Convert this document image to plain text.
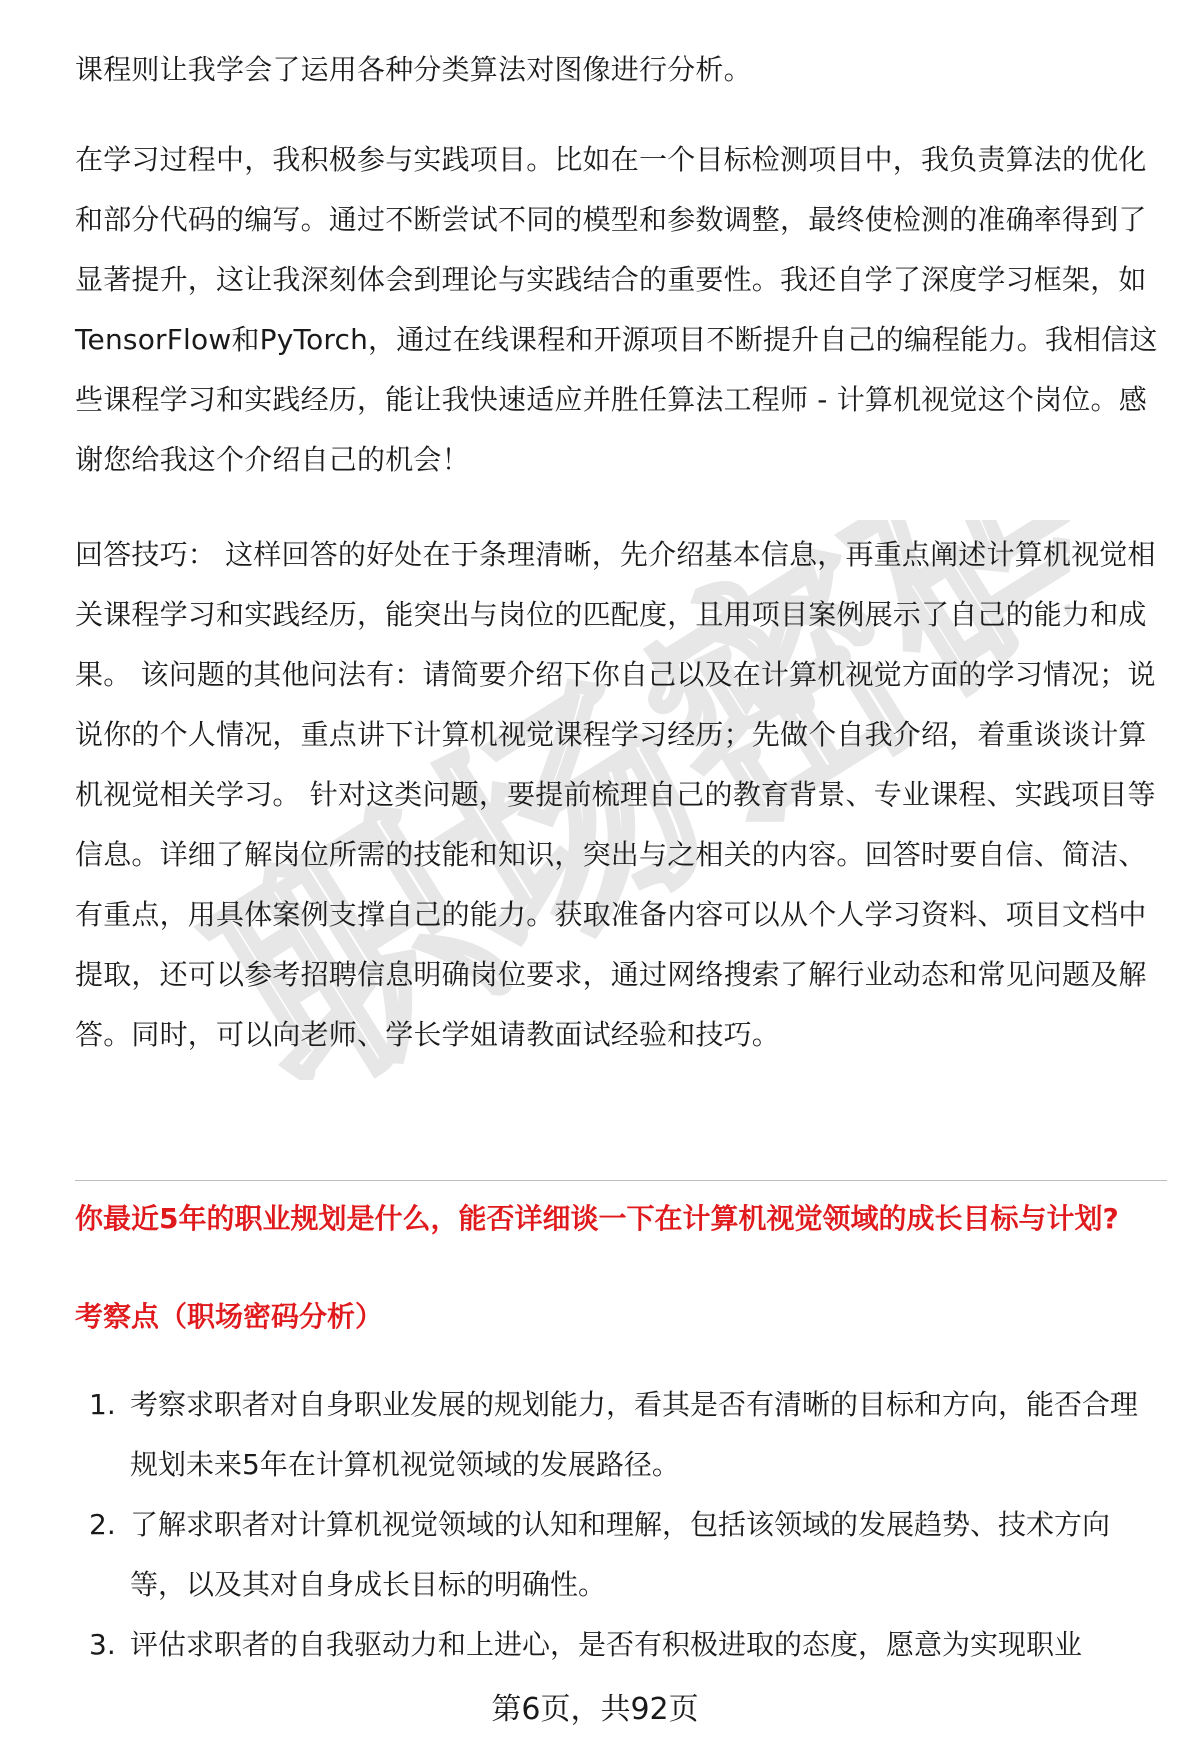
职场密码

课程则让我学会了运用各种分类算法对图像进行分析。

在学习过程中，我积极参与实践项目。比如在一个目标检测项目中，我负责算法的优化和部分代码的编写。通过不断尝试不同的模型和参数调整，最终使检测的准确率得到了显著提升，这让我深刻体会到理论与实践结合的重要性。我还自学了深度学习框架，如TensorFlow和PyTorch，通过在线课程和开源项目不断提升自己的编程能力。我相信这些课程学习和实践经历，能让我快速适应并胜任算法工程师 - 计算机视觉这个岗位。感谢您给我这个介绍自己的机会！

回答技巧： 这样回答的好处在于条理清晰，先介绍基本信息，再重点阐述计算机视觉相关课程学习和实践经历，能突出与岗位的匹配度，且用项目案例展示了自己的能力和成果。 该问题的其他问法有：请简要介绍下你自己以及在计算机视觉方面的学习情况；说说你的个人情况，重点讲下计算机视觉课程学习经历；先做个自我介绍，着重谈谈计算机视觉相关学习。 针对这类问题，要提前梳理自己的教育背景、专业课程、实践项目等信息。详细了解岗位所需的技能和知识，突出与之相关的内容。回答时要自信、简洁、有重点，用具体案例支撑自己的能力。获取准备内容可以从个人学习资料、项目文档中提取，还可以参考招聘信息明确岗位要求，通过网络搜索了解行业动态和常见问题及解答。同时，可以向老师、学长学姐请教面试经验和技巧。

你最近5年的职业规划是什么，能否详细谈一下在计算机视觉领域的成长目标与计划?
考察点（职场密码分析）
1. 考察求职者对自身职业发展的规划能力，看其是否有清晰的目标和方向，能否合理规划未来5年在计算机视觉领域的发展路径。
2. 了解求职者对计算机视觉领域的认知和理解，包括该领域的发展趋势、技术方向等，以及其对自身成长目标的明确性。
3. 评估求职者的自我驱动力和上进心，是否有积极进取的态度，愿意为实现职业
第6页，共92页
